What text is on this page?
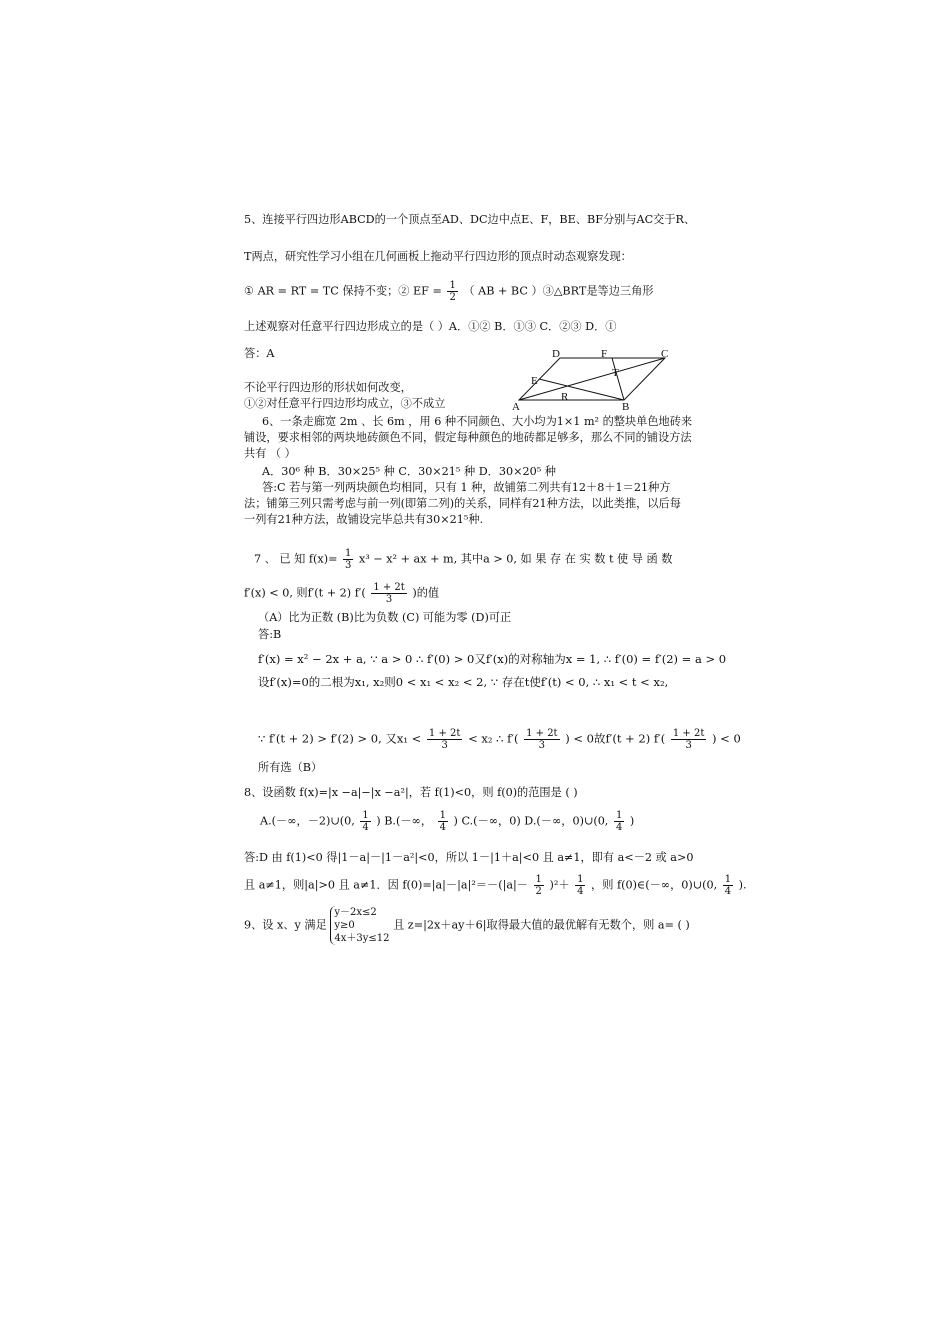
5、连接平行四边形ABCD的一个顶点至AD、DC边中点E、F，BE、BF分别与AC交于R、
T两点，研究性学习小组在几何画板上拖动平行四边形的顶点时动态观察发现：
① AR = RT = TC 保持不变；② EF = $\frac{1}{2}$ （ AB + BC ）③△BRT是等边三角形
上述观察对任意平行四边形成立的是（ ）A．①② B．①③ C．②③ D．①
答：A
不论平行四边形的形状如何改变，
①②对任意平行四边形均成立，③不成立
D	F	C
E
T
R
A	B
6、一条走廊宽 2m 、长 6m ，用 6 种不同颜色、大小均为1×1 m² 的整块单色地砖来
铺设，要求相邻的两块地砖颜色不同，假定每种颜色的地砖都足够多，那么不同的铺设方法
共有 （ ）
A．30⁶ 种 B．30×25⁵ 种 C．30×21⁵ 种 D．30×20⁵ 种
答:C 若与第一列两块颜色均相同，只有 1 种，故铺第二列共有12＋8＋1＝21种方
法；铺第三列只需考虑与前一列(即第二列)的关系，同样有21种方法，以此类推，以后每
一列有21种方法，故铺设完毕总共有30×21⁵种.
7 、 已 知 $f(x)= \frac{1}{3} x^3 - x^2$ + ax + m, 其中a > 0, 如 果 存 在 实 数 t 使 导 函 数
f′(x) < 0, 则f′(t + 2) $f'( \frac{1 + 2t}{3}$ )的值
（A）比为正数 (B)比为负数 (C) 可能为零 (D)可正
答:B
f′(x) = x² − 2x + a, ∵ a > 0 ∴ f′(0) > 0又f′(x)的对称轴为x = 1, ∴ f′(0) = f′(2) = a > 0
设f′(x)=0的二根为x₁, x₂则0 < x₁ < x₂ < 2, ∵ 存在t使f′(t) < 0, ∴ x₁ < t < x₂,
∵ f′(t + 2) > f′(2) > 0, 又$x_1 < \frac{1 + 2t}{3} < x_2$ ∴ $f'( \frac{1 + 2t}{3}$ ) < 0故f′(t + 2) $f'( \frac{1 + 2t}{3}$ ) < 0
所有选（B）
8、设函数 f(x)=|x −a|−|x −a²|，若 f(1)<0，则 f(0)的范围是 ( )
A.(－∞，－2)∪(0, $\frac{1}{4}$ ) B.(－∞， $\frac{1}{4}$ ) C.(－∞，0) D.(－∞，0)∪(0, $\frac{1}{4}$ )
答:D 由 f(1)<0 得|1－a|－|1－a²|<0，所以 1－|1＋a|<0 且 a≠1，即有 a<－2 或 a>0
且 a≠1，则|a|>0 且 a≠1．因 $f(0)=|a|-|a|^2=-(|a|- \frac{1}{2} )^2+ \frac{1}{4}$ ，则 f(0)∈(－∞，0)∪(0, $\frac{1}{4}$ ).
9、设 x、y 满足
y－2x≤2
y≥0
4x＋3y≤12
且 z=|2x＋ay＋6|取得最大值的最优解有无数个，则 a= ( )
